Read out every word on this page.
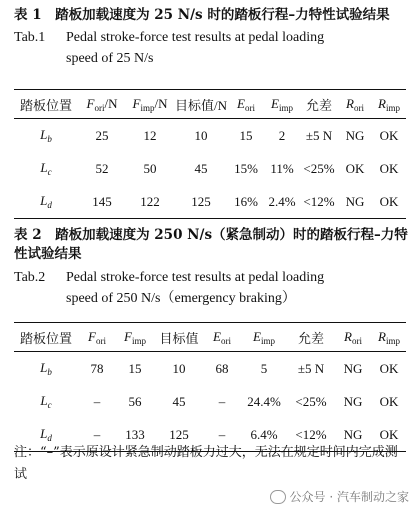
表 1　踏板加载速度为 25 N/s 时的踏板行程–力特性试验结果
Tab.1 Pedal stroke-force test results at pedal loading
speed of 25 N/s
踏板位置	$F_{ori}/N$	$F_{imp}/N$	目标值/N	$E_{ori}$	$E_{imp}$	允差	$R_{ori}$	$R_{imp}$
$L_b$	25	12	10	15	2	±5 N	NG	OK
$L_c$	52	50	45	15%	11%	<25%	OK	OK
$L_d$	145	122	125	16%	2.4%	<12%	NG	OK
表 2　踏板加载速度为 250 N/s（紧急制动）时的踏板行程–力特性试验结果
Tab.2 Pedal stroke-force test results at pedal loading
speed of 250 N/s（emergency braking）
踏板位置	$F_{ori}$	$F_{imp}$	目标值	$E_{ori}$	$E_{imp}$	允差	$R_{ori}$	$R_{imp}$
$L_b$	78	15	10	68	5	±5 N	NG	OK
$L_c$	–	56	45	–	24.4%	<25%	NG	OK
$L_d$	–	133	125	–	6.4%	<12%	NG	OK
注：“–”表示原设计紧急制动踏板力过大，无法在规定时间内完成测试
公众号 · 汽车制动之家
